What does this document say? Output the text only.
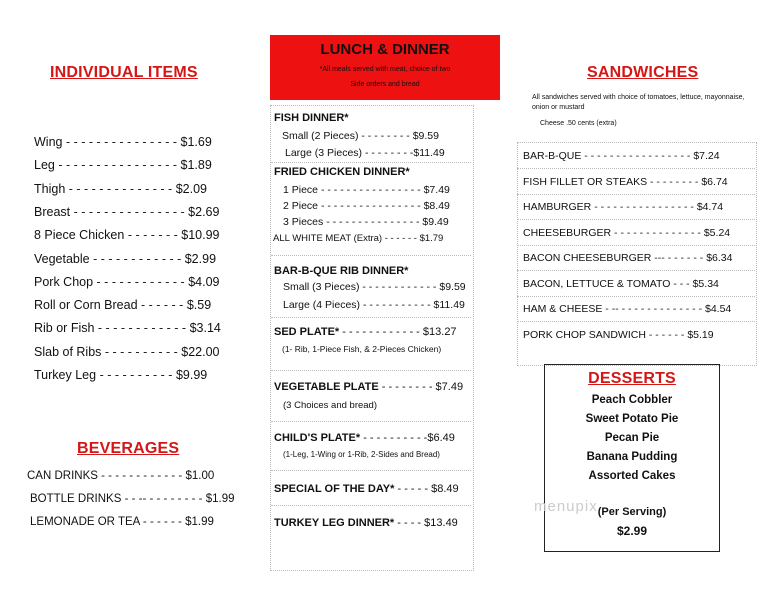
INDIVIDUAL ITEMS
Wing - - - - - - - - - - - - - - - $1.69
Leg - - - - - - - - - - - - - - - - $1.89
Thigh - - - - - - - - - - - - - - $2.09
Breast - - - - - - - - - - - - - - - $2.69
8 Piece Chicken - - - - - - - $10.99
Vegetable - - - - - - - - - - - - $2.99
Pork Chop - - - - - - - - - - - - $4.09
Roll or Corn Bread - - - - - - $.59
Rib or Fish - - - - - - - - - - - - $3.14
Slab of Ribs - - - - - - - - - - $22.00
Turkey Leg - - - - - - - - - - $9.99
BEVERAGES
CAN DRINKS - - - - - - - - - - - - $1.00
BOTTLE DRINKS - - -- - - - - - - - - $1.99
LEMONADE OR TEA - - - - - - $1.99
LUNCH & DINNER
*All meals served with meat, choice of two
Side orders and bread
FISH DINNER*
Small (2 Pieces) - - - - - - - - $9.59
Large (3 Pieces) - - - - - - - -$11.49
FRIED CHICKEN DINNER*
1 Piece - - - - - - - - - - - - - - - - $7.49
2 Piece - - - - - - - - - - - - - - - - $8.49
3 Pieces - - - - - - - - - - - - - - - $9.49
ALL WHITE MEAT (Extra) - - - - - - $1.79
BAR-B-QUE RIB DINNER*
Small (3 Pieces) - - - - - - - - - - - - $9.59
Large (4 Pieces) - - - - - - - - - - - $11.49
SED PLATE* - - - - - - - - - - - - $13.27
(1- Rib, 1-Piece Fish, & 2-Pieces Chicken)
VEGETABLE PLATE - - - - - - - - $7.49
(3 Choices and bread)
CHILD'S PLATE* - - - - - - - - - -$6.49
(1-Leg, 1-Wing or 1-Rib, 2-Sides and Bread)
SPECIAL OF THE DAY* - - - - - $8.49
TURKEY LEG DINNER* - - - - $13.49
SANDWICHES
All sandwiches served with choice of tomatoes, lettuce, mayonnaise,
onion or mustard
Cheese .50 cents (extra)
BAR-B-QUE - - - - - - - - - - - - - - - - - $7.24
FISH FILLET OR STEAKS - - - - - - - - $6.74
HAMBURGER - - - - - - - - - - - - - - - - $4.74
CHEESEBURGER - - - - - - - - - - - - - - $5.24
BACON CHEESEBURGER --- - - - - - - $6.34
BACON, LETTUCE & TOMATO - - - $5.34
HAM & CHEESE - -- - - - - - - - - - - - - - $4.54
PORK CHOP SANDWICH - - - - - - $5.19
DESSERTS
Peach Cobbler
Sweet Potato Pie
Pecan Pie
Banana Pudding
Assorted Cakes
(Per Serving)
$2.99
menupix
